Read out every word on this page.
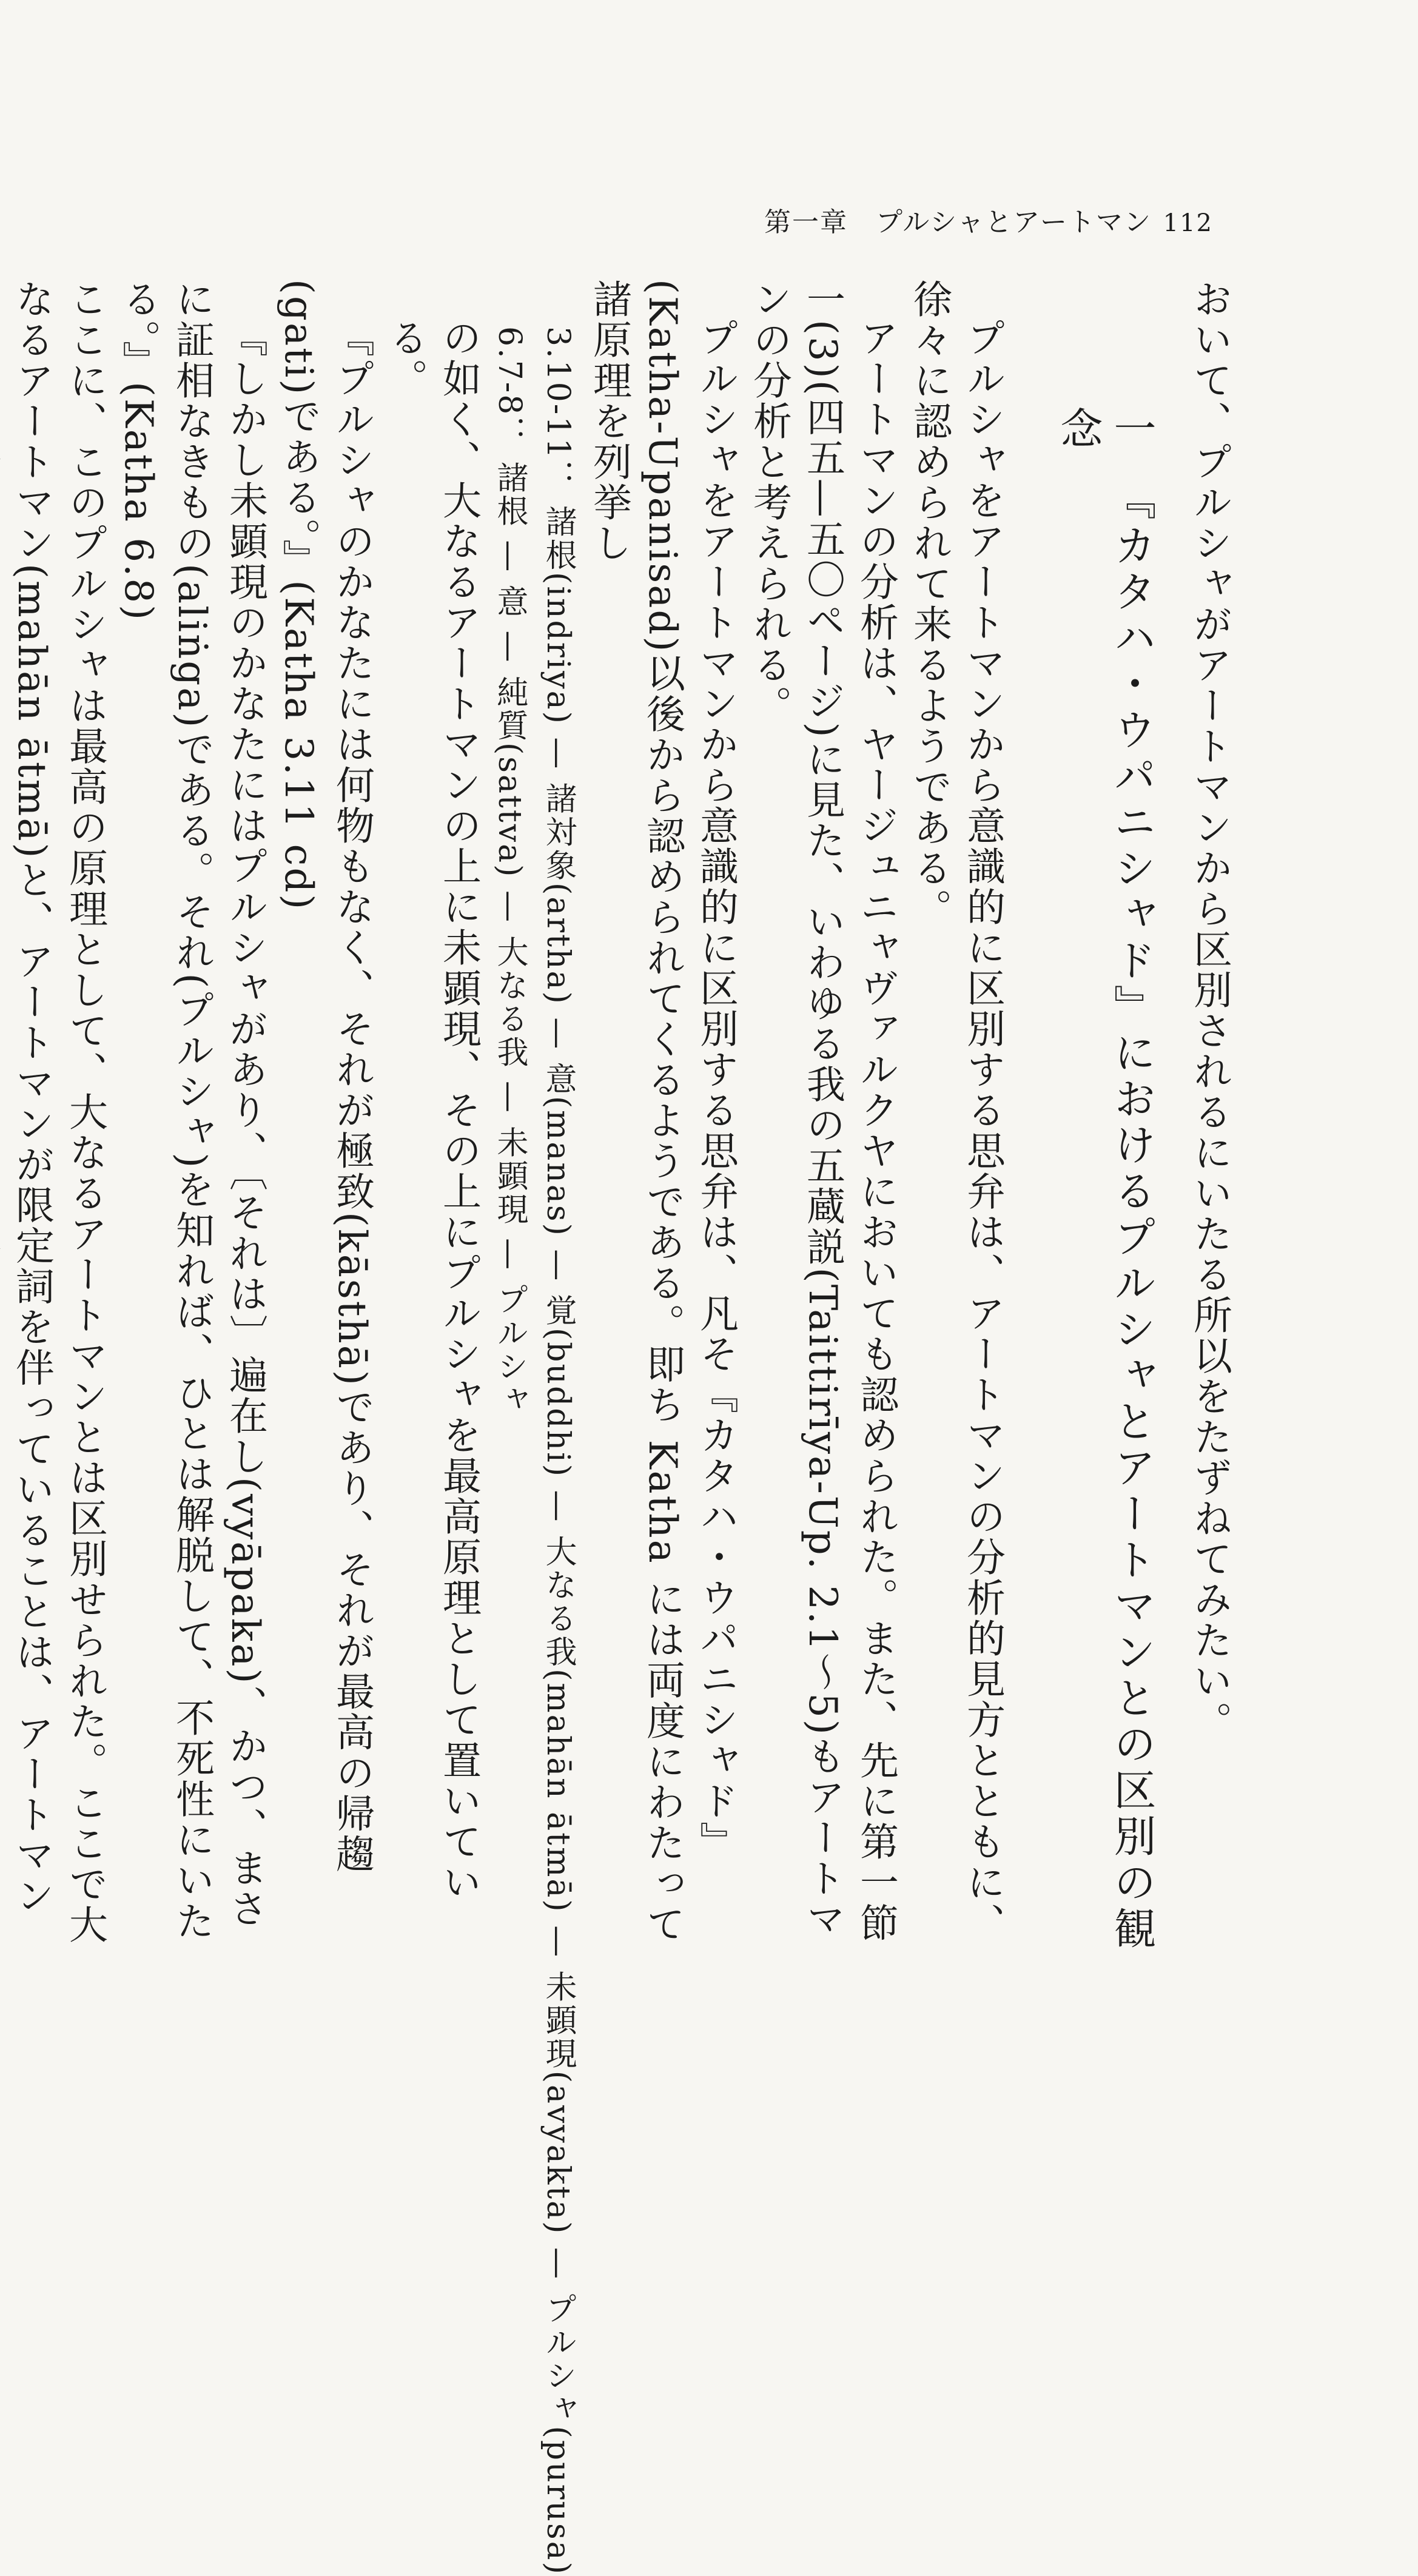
第一章　プルシャとアートマン 112

おいて、プルシャがアートマンから区別されるにいたる所以をたずねてみたい。

一　『カタハ・ウパニシャド』におけるプルシャとアートマンとの区別の観念

プルシャをアートマンから意識的に区別する思弁は、アートマンの分析的見方とともに、徐々に認められて来るようである。

アートマンの分析は、ヤージュニャヴァルクヤにおいても認められた。また、先に第一節一(3)(四五—五〇ページ)に見た、いわゆる我の五蔵説(Taittirīya-Up. 2.1〜5)もアートマンの分析と考えられる。

プルシャをアートマンから意識的に区別する思弁は、凡そ『カタハ・ウパニシャド』(Katha-Upanisad)以後から認められてくるようである。即ち Katha には両度にわたって諸原理を列挙し

3.10-11： 諸根(indriya) — 諸対象(artha) — 意(manas) — 覚(buddhi) — 大なる我(mahān ātmā) — 未顕現(avyakta) — プルシャ(purusa)

6.7-8： 諸根 — 意 — 純質(sattva) — 大なる我 — 未顕現 — プルシャ

の如く、大なるアートマンの上に未顕現、その上にプルシャを最高原理として置いている。

『プルシャのかなたには何物もなく、それが極致(kāsthā)であり、それが最高の帰趨(gati)である。』(Katha 3.11 cd)

『しかし未顕現のかなたにはプルシャがあり、〔それは〕遍在し(vyāpaka)、かつ、まさに証相なきもの(aliṅga)である。それ(プルシャ)を知れば、ひとは解脱して、不死性にいたる。』(Katha 6.8)

ここに、このプルシャは最高の原理として、大なるアートマンとは区別せられた。ここで大なるアートマン(mahān ātmā)と、アートマンが限定詞を伴っていることは、アートマン
